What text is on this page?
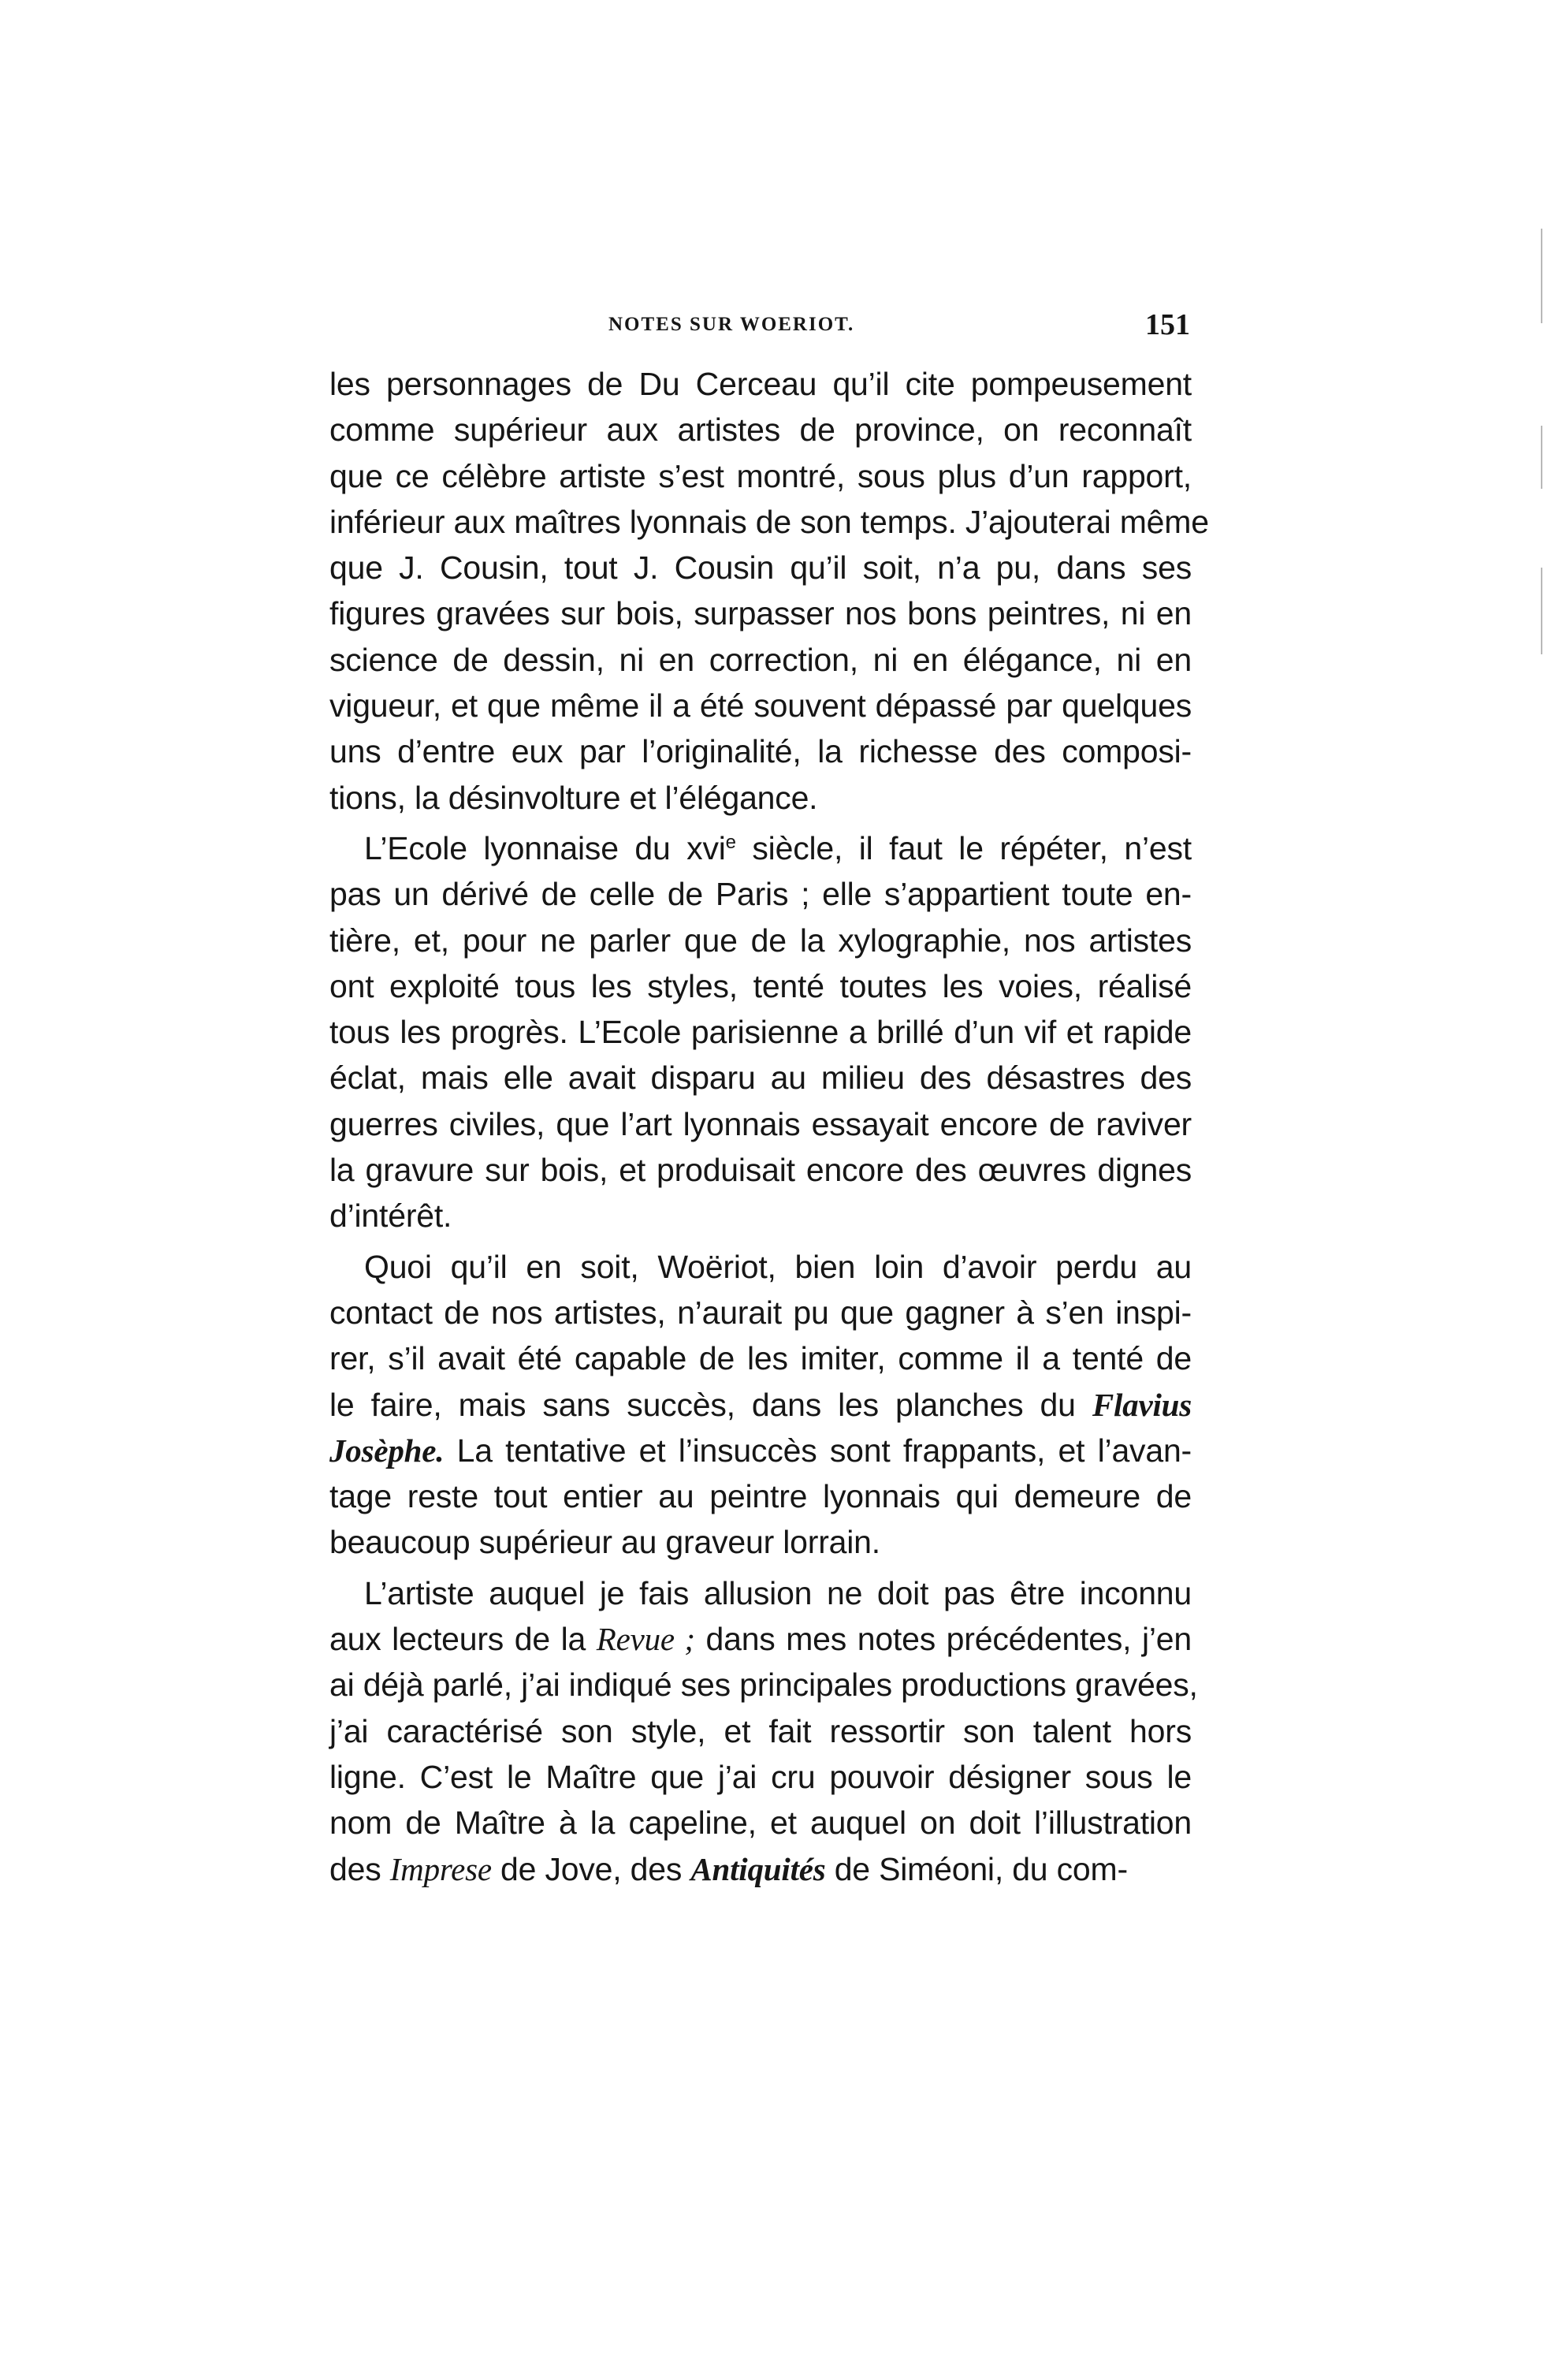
NOTES SUR WOERIOT.	151
les personnages de Du Cerceau qu’il cite pompeusement
comme supérieur aux artistes de province, on reconnaît
que ce célèbre artiste s’est montré, sous plus d’un rapport,
inférieur aux maîtres lyonnais de son temps. J’ajouterai même
que J. Cousin, tout J. Cousin qu’il soit, n’a pu, dans ses
figures gravées sur bois, surpasser nos bons peintres, ni en
science de dessin, ni en correction, ni en élégance, ni en
vigueur, et que même il a été souvent dépassé par quelques
uns d’entre eux par l’originalité, la richesse des composi-
tions, la désinvolture et l’élégance.
L’Ecole lyonnaise du xvi$^e$ siècle, il faut le répéter, n’est
pas un dérivé de celle de Paris ; elle s’appartient toute en-
tière, et, pour ne parler que de la xylographie, nos artistes
ont exploité tous les styles, tenté toutes les voies, réalisé
tous les progrès. L’Ecole parisienne a brillé d’un vif et rapide
éclat, mais elle avait disparu au milieu des désastres des
guerres civiles, que l’art lyonnais essayait encore de raviver
la gravure sur bois, et produisait encore des œuvres dignes
d’intérêt.
Quoi qu’il en soit, Woëriot, bien loin d’avoir perdu au
contact de nos artistes, n’aurait pu que gagner à s’en inspi-
rer, s’il avait été capable de les imiter, comme il a tenté de
le faire, mais sans succès, dans les planches du Flavius
Josèphe. La tentative et l’insuccès sont frappants, et l’avan-
tage reste tout entier au peintre lyonnais qui demeure de
beaucoup supérieur au graveur lorrain.
L’artiste auquel je fais allusion ne doit pas être inconnu
aux lecteurs de la Revue ; dans mes notes précédentes, j’en
ai déjà parlé, j’ai indiqué ses principales productions gravées,
j’ai caractérisé son style, et fait ressortir son talent hors
ligne. C’est le Maître que j’ai cru pouvoir désigner sous le
nom de Maître à la capeline, et auquel on doit l’illustration
des Imprese de Jove, des Antiquités de Siméoni, du com-
